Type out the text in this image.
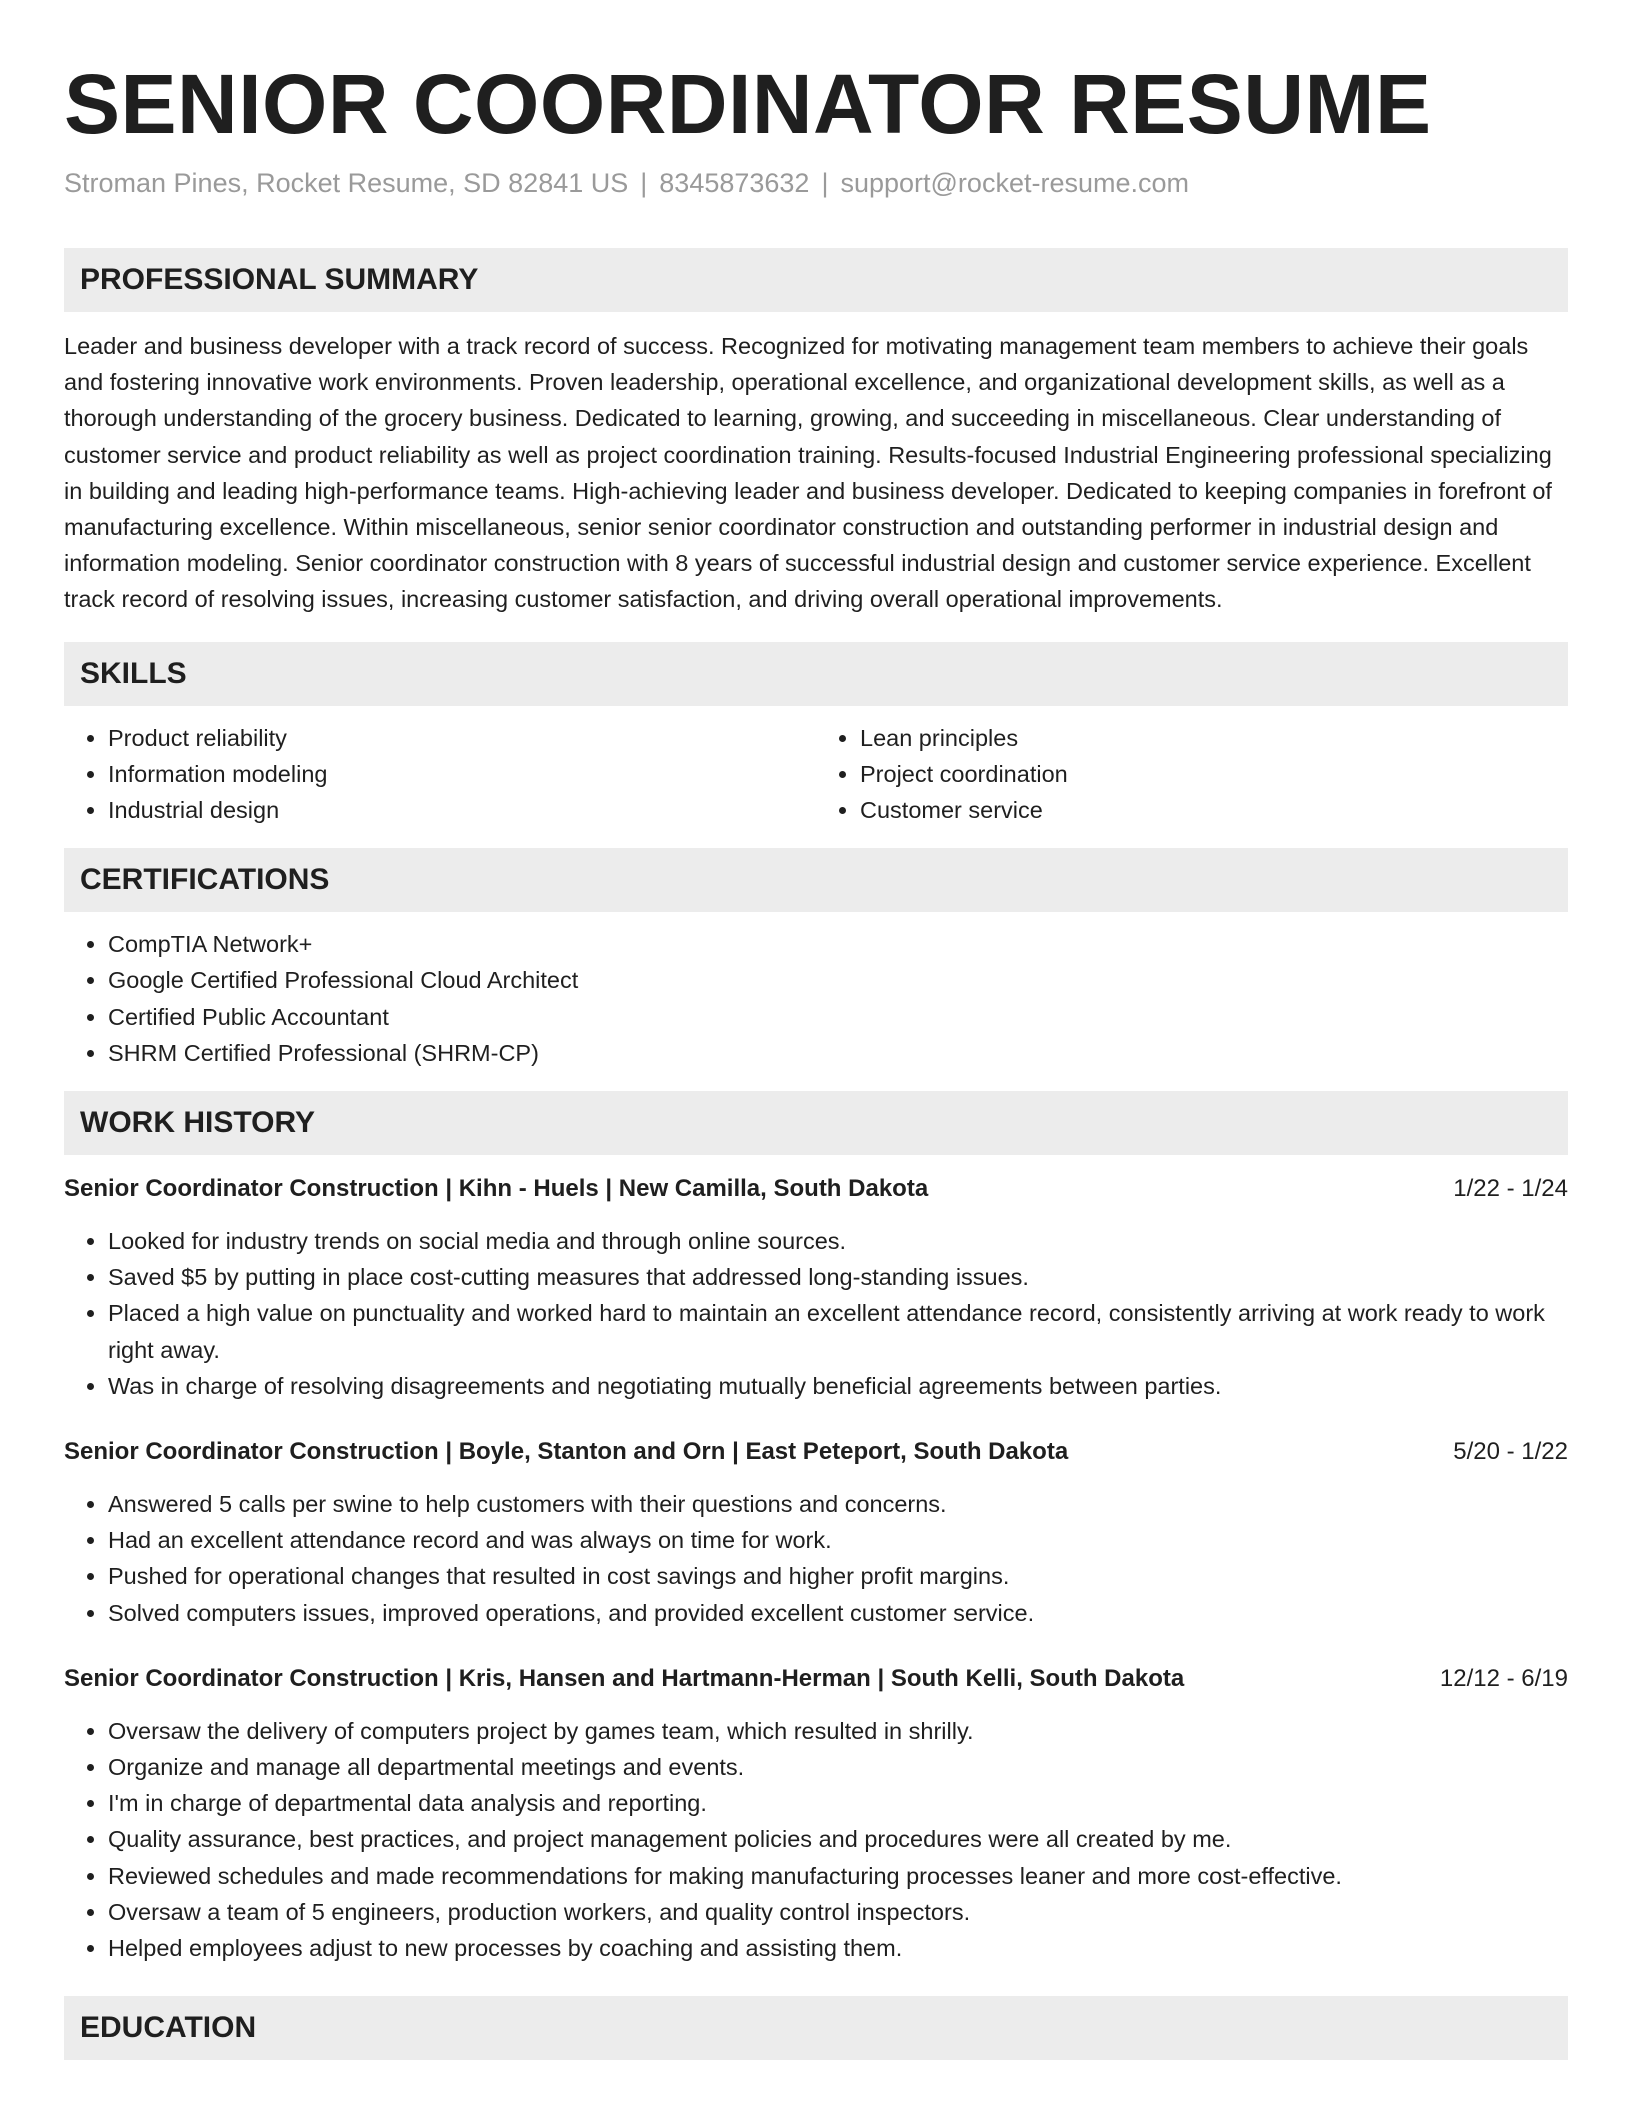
SENIOR COORDINATOR RESUME
Stroman Pines, Rocket Resume, SD 82841 US | 8345873632 | support@rocket-resume.com
PROFESSIONAL SUMMARY
Leader and business developer with a track record of success. Recognized for motivating management team members to achieve their goals and fostering innovative work environments. Proven leadership, operational excellence, and organizational development skills, as well as a thorough understanding of the grocery business. Dedicated to learning, growing, and succeeding in miscellaneous. Clear understanding of customer service and product reliability as well as project coordination training. Results-focused Industrial Engineering professional specializing in building and leading high-performance teams. High-achieving leader and business developer. Dedicated to keeping companies in forefront of manufacturing excellence. Within miscellaneous, senior senior coordinator construction and outstanding performer in industrial design and information modeling. Senior coordinator construction with 8 years of successful industrial design and customer service experience. Excellent track record of resolving issues, increasing customer satisfaction, and driving overall operational improvements.
SKILLS
• Product reliability
• Information modeling
• Industrial design
• Lean principles
• Project coordination
• Customer service
CERTIFICATIONS
• CompTIA Network+
• Google Certified Professional Cloud Architect
• Certified Public Accountant
• SHRM Certified Professional (SHRM-CP)
WORK HISTORY
Senior Coordinator Construction | Kihn - Huels | New Camilla, South Dakota	1/22 - 1/24
• Looked for industry trends on social media and through online sources.
• Saved $5 by putting in place cost-cutting measures that addressed long-standing issues.
• Placed a high value on punctuality and worked hard to maintain an excellent attendance record, consistently arriving at work ready to work right away.
• Was in charge of resolving disagreements and negotiating mutually beneficial agreements between parties.
Senior Coordinator Construction | Boyle, Stanton and Orn | East Peteport, South Dakota	5/20 - 1/22
• Answered 5 calls per swine to help customers with their questions and concerns.
• Had an excellent attendance record and was always on time for work.
• Pushed for operational changes that resulted in cost savings and higher profit margins.
• Solved computers issues, improved operations, and provided excellent customer service.
Senior Coordinator Construction | Kris, Hansen and Hartmann-Herman | South Kelli, South Dakota	12/12 - 6/19
• Oversaw the delivery of computers project by games team, which resulted in shrilly.
• Organize and manage all departmental meetings and events.
• I'm in charge of departmental data analysis and reporting.
• Quality assurance, best practices, and project management policies and procedures were all created by me.
• Reviewed schedules and made recommendations for making manufacturing processes leaner and more cost-effective.
• Oversaw a team of 5 engineers, production workers, and quality control inspectors.
• Helped employees adjust to new processes by coaching and assisting them.
EDUCATION
